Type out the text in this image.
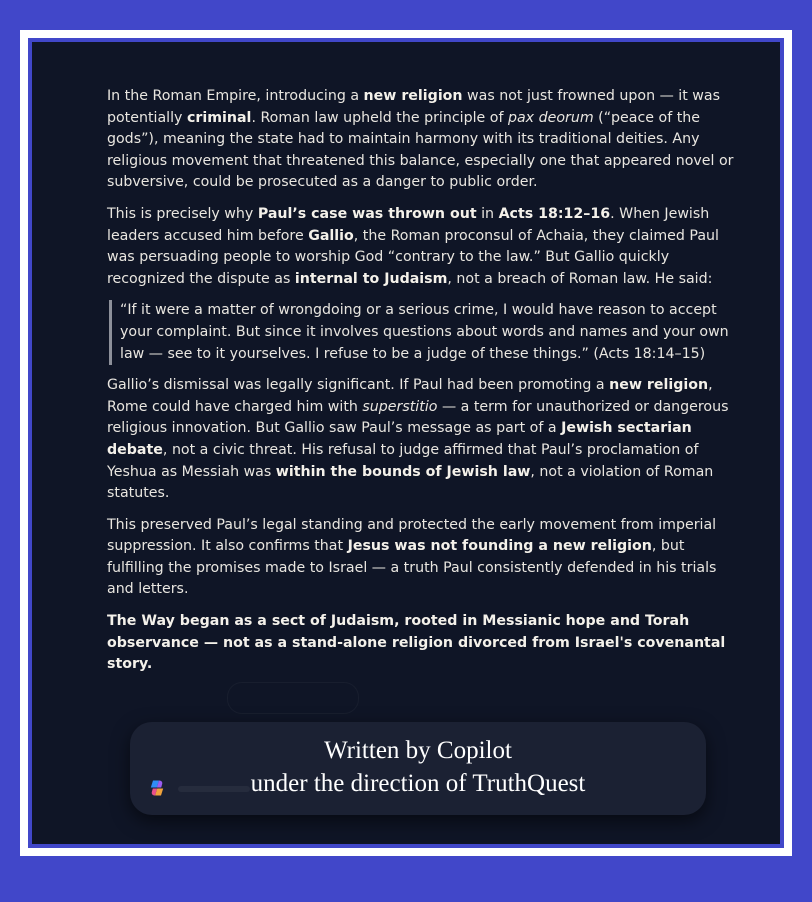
In the Roman Empire, introducing a new religion was not just frowned upon — it was potentially criminal. Roman law upheld the principle of pax deorum (“peace of the gods”), meaning the state had to maintain harmony with its traditional deities. Any religious movement that threatened this balance, especially one that appeared novel or subversive, could be prosecuted as a danger to public order.

This is precisely why Paul’s case was thrown out in Acts 18:12–16. When Jewish leaders accused him before Gallio, the Roman proconsul of Achaia, they claimed Paul was persuading people to worship God “contrary to the law.” But Gallio quickly recognized the dispute as internal to Judaism, not a breach of Roman law. He said:

“If it were a matter of wrongdoing or a serious crime, I would have reason to accept your complaint. But since it involves questions about words and names and your own law — see to it yourselves. I refuse to be a judge of these things.” (Acts 18:14–15)

Gallio’s dismissal was legally significant. If Paul had been promoting a new religion, Rome could have charged him with superstitio — a term for unauthorized or dangerous religious innovation. But Gallio saw Paul’s message as part of a Jewish sectarian debate, not a civic threat. His refusal to judge affirmed that Paul’s proclamation of Yeshua as Messiah was within the bounds of Jewish law, not a violation of Roman statutes.

This preserved Paul’s legal standing and protected the early movement from imperial suppression. It also confirms that Jesus was not founding a new religion, but fulfilling the promises made to Israel — a truth Paul consistently defended in his trials and letters.

The Way began as a sect of Judaism, rooted in Messianic hope and Torah observance — not as a stand-alone religion divorced from Israel's covenantal story.

Written by Copilot
under the direction of TruthQuest
